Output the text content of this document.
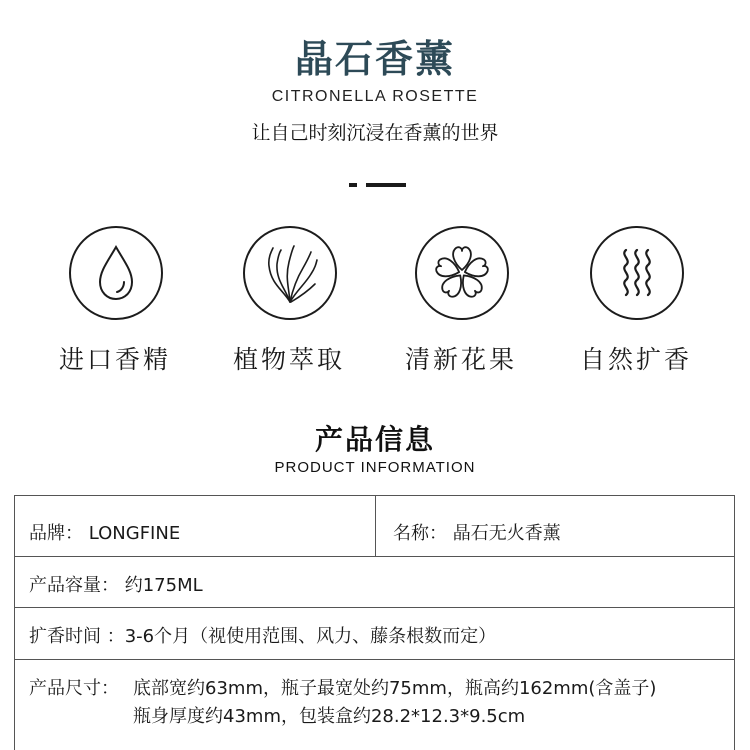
晶石香薰
CITRONELLA ROSETTE
让自己时刻沉浸在香薰的世界
进口香精	植物萃取	清新花果	自然扩香
产品信息
PRODUCT INFORMATION
品牌： LONGFINE	名称： 晶石无火香薰
产品容量： 约175ML
扩香时间 ：3-6个月（视使用范围、风力、藤条根数而定）
产品尺寸： 底部宽约63mm，瓶子最宽处约75mm，瓶高约162mm(含盖子)
瓶身厚度约43mm，包装盒约28.2*12.3*9.5cm
